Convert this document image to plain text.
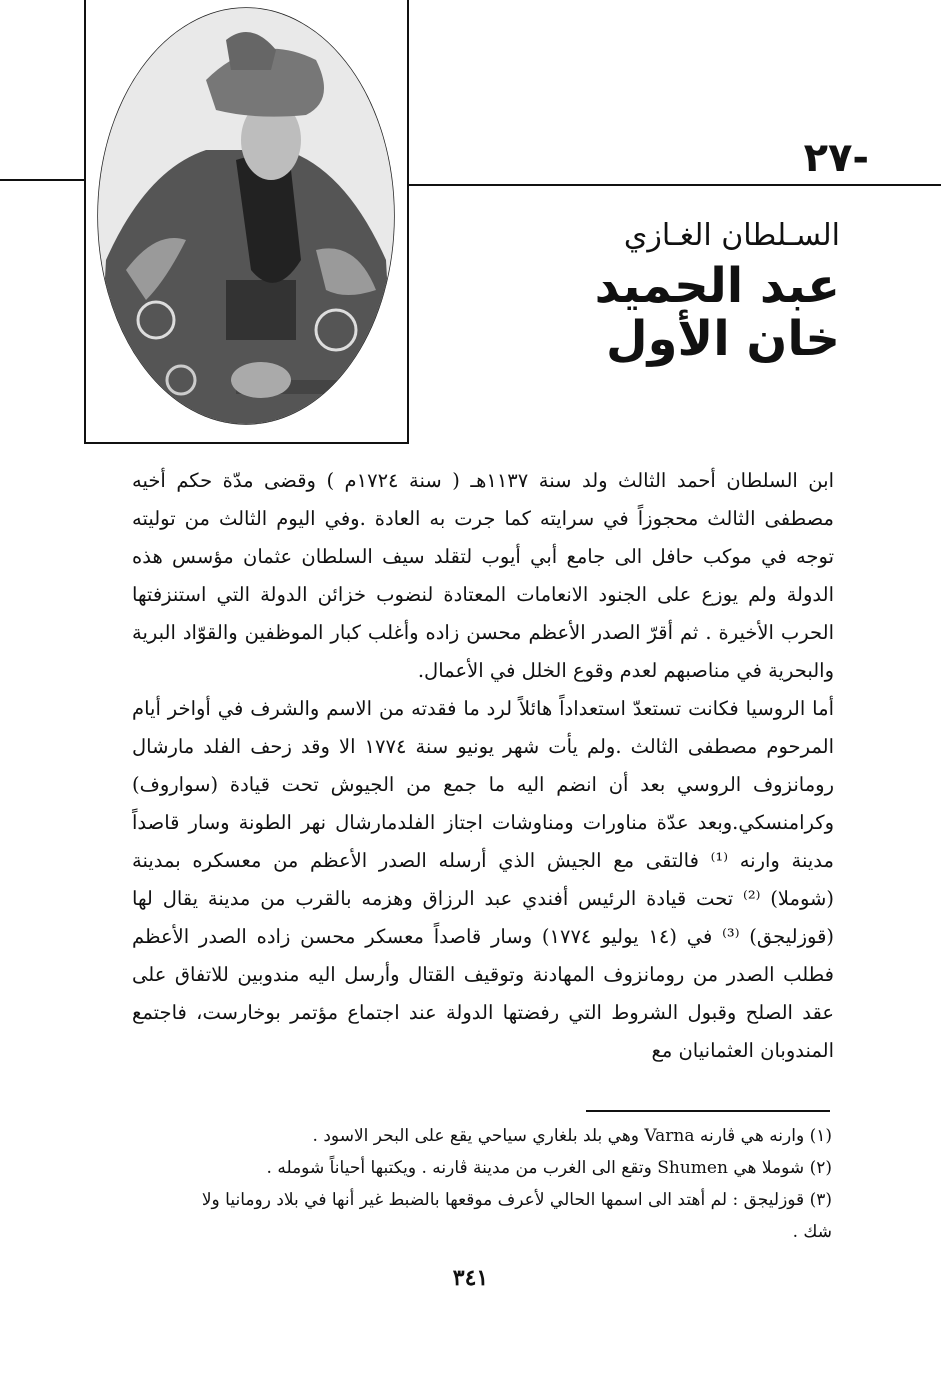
-٢٧
السـلطان الغـازي
عبد الحميد خان الأول

ابن السلطان أحمد الثالث ولد سنة ١١٣٧هـ ( سنة ١٧٢٤م ) وقضى مدّة حكم أخيه مصطفى الثالث محجوزاً في سرايته كما جرت به العادة .وفي اليوم الثالث من توليته توجه في موكب حافل الى جامع أبي أيوب لتقلد سيف السلطان عثمان مؤسس هذه الدولة ولم يوزع على الجنود الانعامات المعتادة لنضوب خزائن الدولة التي استنزفتها الحرب الأخيرة . ثم أقرّ الصدر الأعظم محسن زاده وأغلب كبار الموظفين والقوّاد البرية والبحرية في مناصبهم لعدم وقوع الخلل في الأعمال.

أما الروسيا فكانت تستعدّ استعداداً هائلاً لرد ما فقدته من الاسم والشرف في أواخر أيام المرحوم مصطفى الثالث .ولم يأت شهر يونيو سنة ١٧٧٤ الا وقد زحف الفلد مارشال رومانزوف الروسي بعد أن انضم اليه ما جمع من الجيوش تحت قيادة (سواروف) وكرامنسكي.وبعد عدّة مناورات ومناوشات اجتاز الفلدمارشال نهر الطونة وسار قاصداً مدينة وارنه ⁽¹⁾ فالتقى مع الجيش الذي أرسله الصدر الأعظم من معسكره بمدينة (شوملا) ⁽²⁾ تحت قيادة الرئيس أفندي عبد الرزاق وهزمه بالقرب من مدينة يقال لها (قوزليجق) ⁽³⁾ في (١٤ يوليو ١٧٧٤) وسار قاصداً معسكر محسن زاده الصدر الأعظم فطلب الصدر من رومانزوف المهادنة وتوقيف القتال وأرسل اليه مندوبين للاتفاق على عقد الصلح وقبول الشروط التي رفضتها الدولة عند اجتماع مؤتمر بوخارست، فاجتمع المندوبان العثمانيان مع

(١) وارنه هي ڤارنه Varna وهي بلد بلغاري سياحي يقع على البحر الاسود .

(٢) شوملا هي Shumen وتقع الى الغرب من مدينة ڤارنه . ويكتبها أحياناً شومله .

(٣) قوزليجق : لم أهتد الى اسمها الحالي لأعرف موقعها بالضبط غير أنها في بلاد رومانيا ولا شك .

٣٤١
